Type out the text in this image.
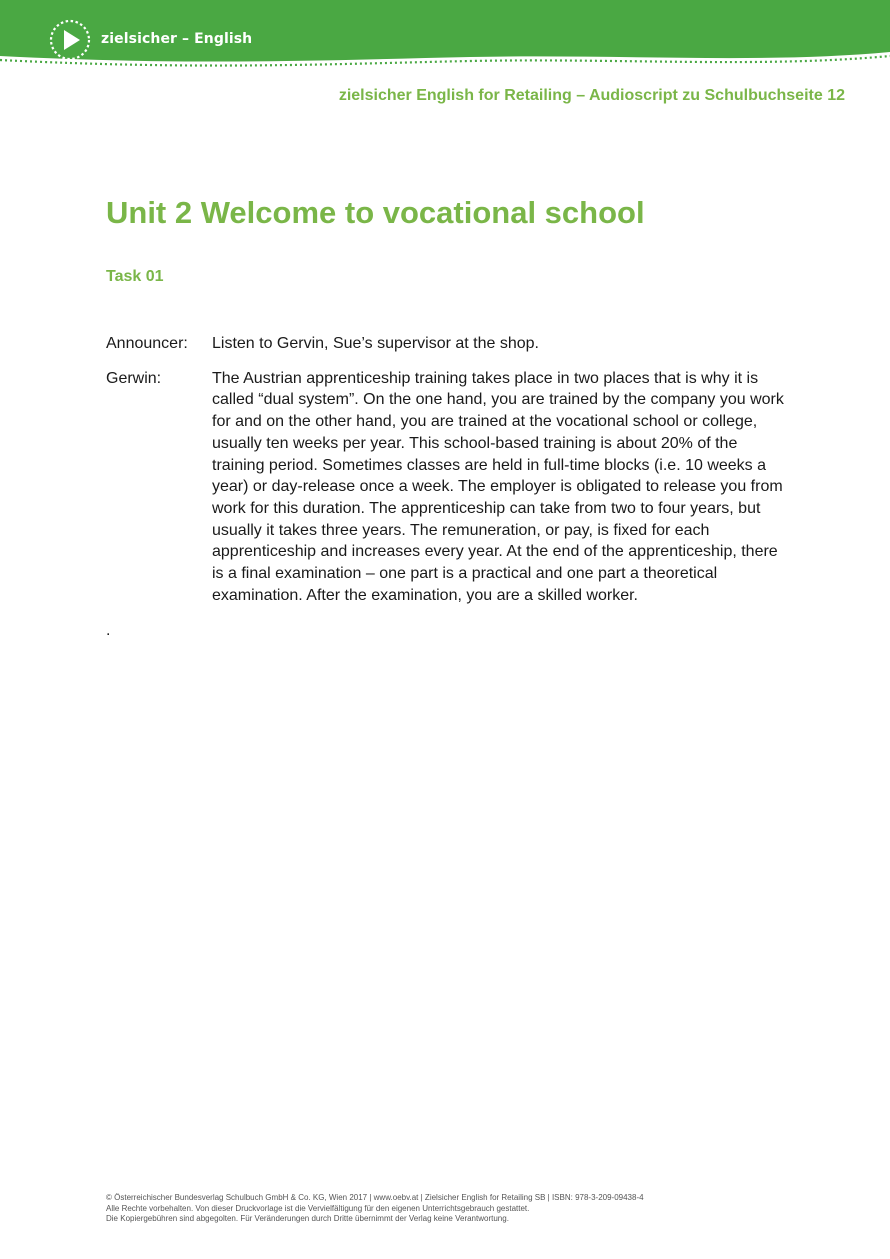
zielsicher – English
zielsicher English for Retailing – Audioscript zu Schulbuchseite 12
Unit 2 Welcome to vocational school
Task 01
Announcer:	Listen to Gervin, Sue’s supervisor at the shop.
Gerwin:	The Austrian apprenticeship training takes place in two places that is why it is called “dual system”. On the one hand, you are trained by the company you work for and on the other hand, you are trained at the vocational school or college, usually ten weeks per year. This school-based training is about 20% of the training period. Sometimes classes are held in full-time blocks (i.e. 10 weeks a year) or day-release once a week. The employer is obligated to release you from work for this duration. The apprenticeship can take from two to four years, but usually it takes three years. The remuneration, or pay, is fixed for each apprenticeship and increases every year. At the end of the apprenticeship, there is a final examination – one part is a practical and one part a theoretical examination. After the examination, you are a skilled worker.
.
© Österreichischer Bundesverlag Schulbuch GmbH & Co. KG, Wien 2017 | www.oebv.at | Zielsicher English for Retailing SB | ISBN: 978-3-209-09438-4
Alle Rechte vorbehalten. Von dieser Druckvorlage ist die Vervielfältigung für den eigenen Unterrichtsgebrauch gestattet.
Die Kopiergebühren sind abgegolten. Für Veränderungen durch Dritte übernimmt der Verlag keine Verantwortung.
